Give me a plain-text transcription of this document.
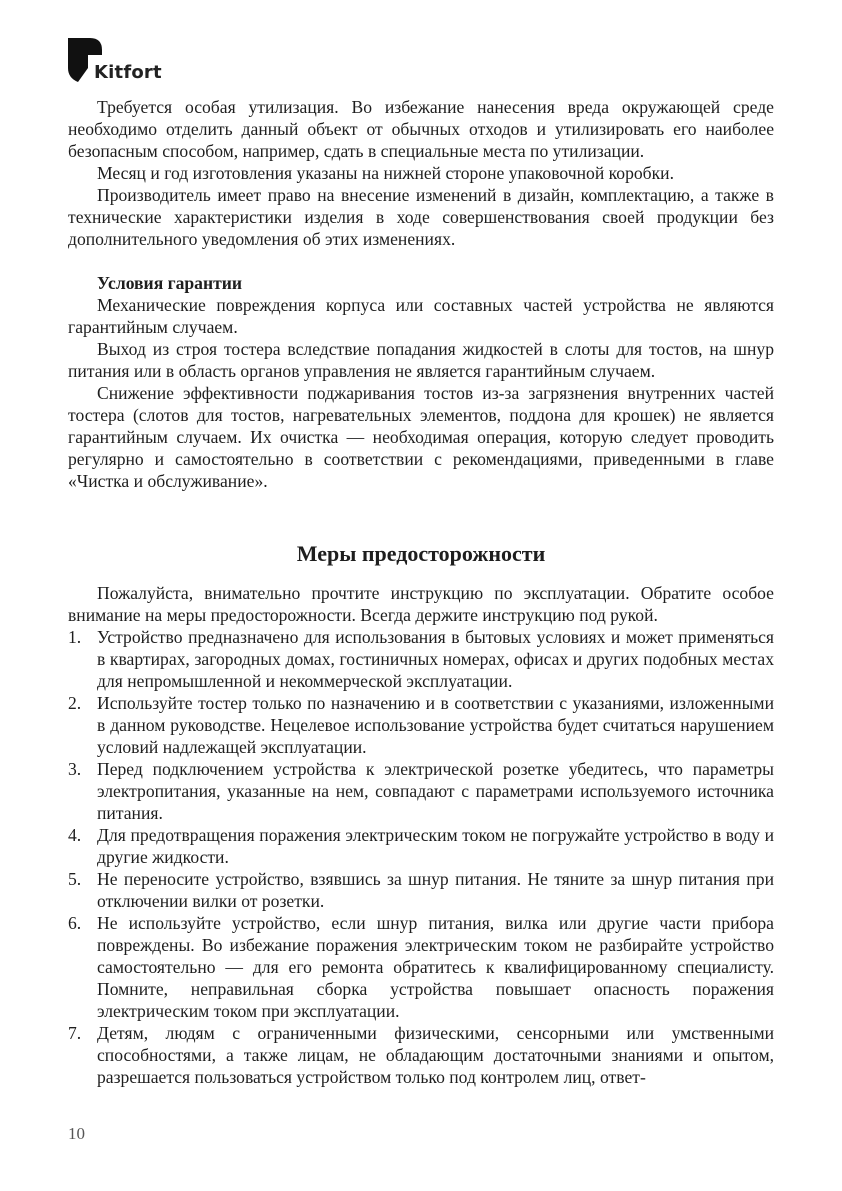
Kitfort

Требуется особая утилизация. Во избежание нанесения вреда окружающей среде необходимо отделить данный объект от обычных отходов и утилизировать его наиболее безопасным способом, например, сдать в специальные места по утилизации.

Месяц и год изготовления указаны на нижней стороне упаковочной коробки.

Производитель имеет право на внесение изменений в дизайн, комплектацию, а также в технические характеристики изделия в ходе совершенствования своей продукции без дополнительного уведомления об этих изменениях.

Условия гарантии

Механические повреждения корпуса или составных частей устройства не являются гарантийным случаем.

Выход из строя тостера вследствие попадания жидкостей в слоты для тостов, на шнур питания или в область органов управления не является гарантийным случаем.

Снижение эффективности поджаривания тостов из-за загрязнения внутренних частей тостера (слотов для тостов, нагревательных элементов, поддона для крошек) не является гарантийным случаем. Их очистка — необходимая операция, которую следует проводить регулярно и самостоятельно в соответствии с рекомендациями, приведенными в главе «Чистка и обслуживание».

Меры предосторожности

Пожалуйста, внимательно прочтите инструкцию по эксплуатации. Обратите особое внимание на меры предосторожности. Всегда держите инструкцию под рукой.

1. Устройство предназначено для использования в бытовых условиях и может применяться в квартирах, загородных домах, гостиничных номерах, офисах и других подобных местах для непромышленной и некоммерческой эксплуатации.
2. Используйте тостер только по назначению и в соответствии с указаниями, изложенными в данном руководстве. Нецелевое использование устройства будет считаться нарушением условий надлежащей эксплуатации.
3. Перед подключением устройства к электрической розетке убедитесь, что параметры электропитания, указанные на нем, совпадают с параметрами используемого источника питания.
4. Для предотвращения поражения электрическим током не погружайте устройство в воду и другие жидкости.
5. Не переносите устройство, взявшись за шнур питания. Не тяните за шнур питания при отключении вилки от розетки.
6. Не используйте устройство, если шнур питания, вилка или другие части прибора повреждены. Во избежание поражения электрическим током не разбирайте устройство самостоятельно — для его ремонта обратитесь к квалифицированному специалисту. Помните, неправильная сборка устройства повышает опасность поражения электрическим током при эксплуатации.
7. Детям, людям с ограниченными физическими, сенсорными или умственными способностями, а также лицам, не обладающим достаточными знаниями и опытом, разрешается пользоваться устройством только под контролем лиц, ответ-
10
